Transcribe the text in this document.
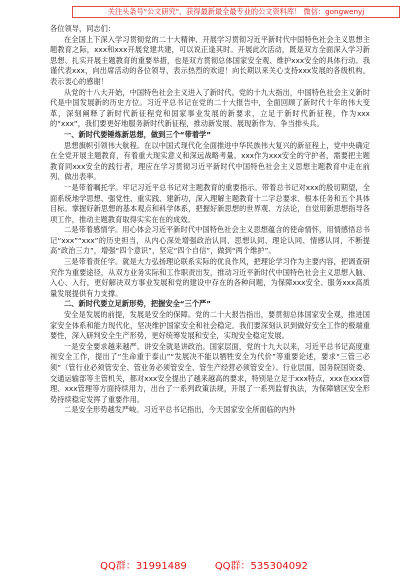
关注头条号"公文研究"，获得最新最全最专业的公文资料库！ 微信：gongwenyj

各位领导，同志们：

在全国上下深入学习贯彻党的二十大精神、开展学习贯彻习近平新时代中国特色社会主义思想主题教育之际，xxx和xxx开展党建共建，可以说正逢其时。开展此次活动，既是双方全面深入学习新思想、扎实开展主题教育的重要举措，也是双方贯彻总体国家安全观、维护xxx安全的具体行动。我谨代表xxx，向出席活动的各位领导，表示热烈的欢迎！向长期以来关心支持xxx发展的各级机构，表示衷心的感谢！

从党的十八大开始，中国特色社会主义进入了新时代。党的十九大指出，中国特色社会主义新时代是中国发展新的历史方位。习近平总书记在党的二十大报告中，全面回顾了新时代十年的伟大变革，深刻阐释了新时代新征程党和国家事业发展的新要求，立足于新时代新征程，作为xxx的“xxx”，我们要更好地服务新时代新征程，推动新发展、展现新作为、争当排头兵。

一、新时代要锤炼新思想，做到三个“带着学”

思想旗帜引领伟大航程。在以中国式现代化全面推进中华民族伟大复兴的新征程上，党中央确定在全党开展主题教育，有着重大现实意义和深远战略考量。xxx作为xxx安全的守护者，需要把主题教育同xxx安全的践行者，理应在学习贯彻习近平新时代中国特色社会主义思想主题教育中走在前列、做出表率。

一是带着嘱托学。牢记习近平总书记对主题教育的重要指示。带着总书记对xxx的殷切期望，全面系统地学思想、强党性、重实践、建新功，深入理解主题教育十二字总要求、根本任务和五个具体目标。掌握好新思想的基本观点和科学体系，把握好新思想的世界观、方法论，自觉用新思想指导各项工作，推动主题教育取得实实在在的成效。

二是带着感情学。用心体会习近平新时代中国特色社会主义思想蕴含的使命情怀，用情感悟总书记“xxx”“xxx”的历史担当，从内心深处增强政治认同、思想认同、理论认同、情感认同，不断提高“政治三力”，增强“四个意识”，坚定“四个自信”，做到“两个维护”。

三是带着责任学。就是大力弘扬理论联系实际的优良作风，把理论学习作为主要内容，把调查研究作为重要途径，从双方业务实际和工作职责出发，推动习近平新时代中国特色社会主义思想入脑、入心、入行，更好解决双方事业发展和党的建设中存在的各种问题，为保障xxx安全、服务xxx高质量发展提供有力支撑。

二、新时代要立足新形势，把握安全“三个严”

安全是发展的前提，发展是安全的保障。党的二十大报告指出，要贯彻总体国家安全观，推进国家安全体系和能力现代化，坚决维护国家安全和社会稳定。我们要深刻认识到做好安全工作的极端重要性，深入研判安全生产形势，更好统筹发展和安全，实现安全稳定发展。

一是安全要求越来越严。讲安全就是讲政治。国家层面，党的十九大以来，习近平总书记高度重视安全工作，提出了“生命重于泰山”“发展决不能以牺牲安全为代价”等重要论述，要求“三管三必须”（管行业必须管安全、管业务必须管安全、管生产经营必须管安全）。行业层面，国务院国资委、交通运输部等主管机关，都对xxx安全提出了越来越高的要求，特别是立足于xxx特点，xxx在xxx管理、xxx管理等方面持续用力，出台了一系列政策法规，开展了一系列监督执法，为保障辖区安全形势持续稳定发挥了重要作用。

二是安全形势越发严峻。习近平总书记指出，今天国家安全所面临的内外

QQ群：31991489	QQ群：535304092
